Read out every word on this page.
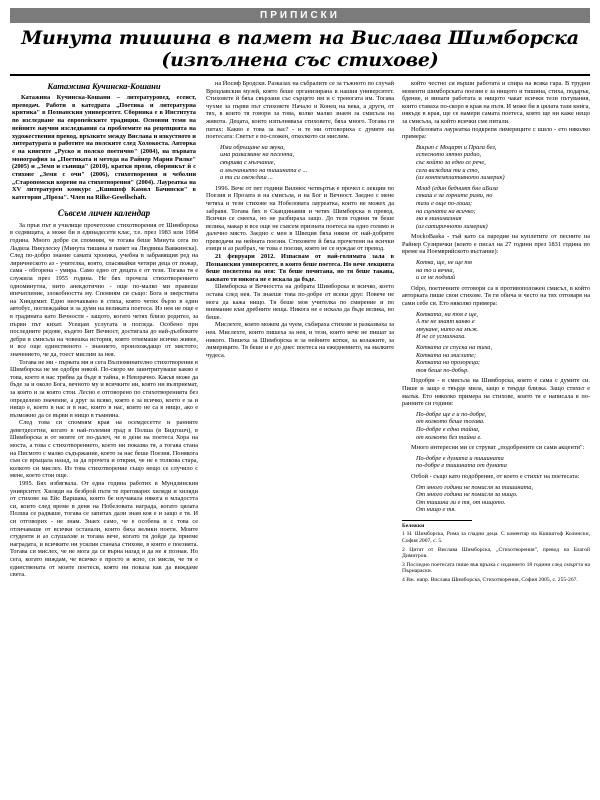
ПРИПИСКИ
Минута тишина в памет на Вислава Шимборска (изпълнена със стихове)
Катажина Кучинска-Кошани

Катажина Кучинска-Кошани – литературовед, есеист, преводач. Работи в катедрата „Поетика и литературна критика" в Познанския университет. Сборника е в Института по изследване на европейските традиции. Основни теми на нейните научни изследвания са проблемите на рецепцията на художествения превод, връзките между Вислава и изкуството и литературата в работите на полските след Холокоста. Авторка е на книгите „Руско и полско поетично" (2004), на първата монография за „Поетиката и метода на Райнер Мария Рилке" (2005) и „Земя и сънища" (2010), кратки прози, сборникът й с стихове „Земя с очи" (2006), стихотворения и чеболни „Старопомски корени на стихотворения" (2004). Лауреатка на XV литературен конкурс „Кшишоф Камил Бачински" в категория „Проза". Член на Rilke-Gesellschaft.

Съвсем личен календар

За пръв път в училище прочетохме стихотворения от Шимборска в седмицата, а може би в единадесети клас, т.е. през 1983 или 1984 година. Много добре си спомням, че тогава беше Минута сега по Ладила Никулеску (Минута тишина в памет на Людвика Вавжинска). След по-добро знание самата хроника, учебна в забравящия ред на лиричнеското аз - учителка, която, спасявайки четири деца от пожар, сама - обгорена - умира. Само едно от децата е от тези. Тогава тя е служила през 1955 година. Не бях прочела стихотворението одноминутна, нито анекдотично - още по-малко ми правеше впечатление, злокобността му. Спомням си също: Бога и зверствата на Хиндемит. Едно неочаквано в стиха, която четях бързо в един автобус, поглеждайки и за думи на великата поетеса. Из нея не още е в градината като Вечности - защото, когато четях близо родител, за първи път кихат. Усещам услугата и погледа. Особено при последните редове, където Бит Вечност, достигала до най-дълбоките дебри в смисъла на човешка история, която отнемаше всичко живее, и все още единственото - знанието, произхождащо от мястото; значението, че да, тоест мислим за нея.

Тогава не ми - първата ми и сега Възпоминателно стихотворение в Шимборска не ме одобри никой. По-скоро ме заинтригуваше какво е това, което в нас трябва да бъде в тайна, в Невзрачно. Какъв може да бъде за и около Бога, вечното му и всичките ни, която ни възприемат, за която и за която стои. Лесно е отговорено по стихотворенията без определено значение, а друг за всяко, която е за всичко, което е за и нищо е, което в нас и в нас, които в нас, които не са в нищо, ако е възможно да се върви в нищо в тъмнина.

След това си спомням края на осемдесетте и ранните деветдесетни, когато в най-големия град в Полша (в Бидгошч), в Шимборска и от моите от по-далеч, че в деня на поетеса Хора на моста, а това с стихотворението, което ни показва тя, а тогава стана на Писмото с малко съдържание, което за нас беше Поезия. Понякога съм се връщала назад, за да прочета и открия, че не е толкова стара, колкото си мислех. Из това стихотворение също нещо се случило с мене, което стои още.

1995. Бях избягвала. От една година работих в Мундзинския униврситет. Хиляди на безброй пъти те преговарях хиляди и хиляди от стихове на Ейс Варшава, които бе изучавала някога в младостта си, които след време в деня на Нобеловата награда, когато цялата Полша се радваше, тогава се запитах дали знам коя е и защо е тя. И си отговорих - не знам. Знаех само, че е особена и с това се отличаваше от всички останали, които бяха велики поети. Моите студенти и аз слушахме и тогава вече, когато тя дойде да приеме наградата, и всичките ни усилия станаха стихове, в които е поезията. Тогава си мислех, че не мога да се върна назад и да не я позная. Но сега, когато виждам, че всичко е просто и ясно, си мисля, че тя е единствената от моите поетеси, която ни показа как да виждаме света.

на Йосиф Бродски. Разказах на събралите се за тъжното по случай Вроцлавския музей, която беше организирана в нашия университет. Стиховете й бяха свързани със сърцето им и с тревогата им. Тогава чухме за първи път стиховете Начало и Конец на века, а други, от тях, в които тя говори за това, колко малко знаем за смисъла на живота. Децата, които изпълняваха стиховете, бяха много. Тогава ги питах: Какво е това за вас? - и те ми отговориха с думите на поетесата: Светът е по-сложен, отколкото си мислим.

Има обръщане на звука,
има разказване на песента,
свършва с мълчание,
а мълчанието на тишината е ...
а ти си свеждаш ...

1996. Вече от пет години Вилнюс четвъртък е прочел с лекции по Поезия и Прозата и на смисъла, и на Бог и Вечност. Заедно с мене четяха и тези стихове на Нобеловата лауреатка, които не можех да забравя. Тогава бях в Скандинавия и четях Шимборска в превод. Всички се смееха, но не разбираха защо. До тези години тя беше велика, макар и все още не съвсем призната поетеса на едно голямо и далечно място. Заедно с мен в Швеция бяха някои от най-добрите преводачи на нейната поезия. Стиховете й бяха прочетени на всички езици и аз разбрах, че това е поезия, която не се нуждае от превод.

21 февруари 2012. Изпасвам от най-голямата зала в Познанския университет, в която беше поетеса. Но вече лекцията беше посветена на нея: Тя беше почитана, но тя беше такава, каквато тя никога не е искала да бъде.

Шимборска и Вечността на добрата Шимборска и всичко, което остава след нея. Тя знаеше това по-добре от всеки друг. Повече не мога да кажа нищо. Тя беше моя учителка по смирение и по внимание към дребните неща. Никога не е искала да бъде велика, но беше.

Мислехте, които можем да чуем, събираха стихове и разказваха за нея. Мислехте, които пишеха за нея, и тези, които вече не пишат за никого. Пишеха за Шимборска и за нейните котки, за колажите, за лимериците. Тя беше и е до днес поетеса на ежедневието, на малките чудеса.

който честно си върши работата и спира на всяка гара. В трудни моменти шимборската поезия е за нищото и тишина, стиха, подарък, бдение, и винаги работата и нищото чакат всички тези пътувания, които ставаха по-скоро в края на пътя. И може би в цялата тази книга, някъде в края, ще се намери самата поетеса, която ще ни каже нещо за смисъла, за който всички сме питали.

Нобеловата лауреатка подкрепя лимериците с шило - ето няколко примера:

Вицът с Моцарт и Прага без,
еспесното лятно радио,
със който за едно се рече,
сега виждаш ти и сто,
(из контемплативното лимерик)
Млад (един бедният бял иБиза
сякаш е за горните рими, но
тази е още по-лоша;
на сцената на всичко;
ма в минималния
(из сатиричното лимерик)

MockoBaska - тъй като са пародия на куплетите от песните на Райнер Сузирички (които е писал на 27 години през 1831 година по време на Ноемврийското въстание):

Котка, ще, не ще тя
на то и вечна,
и се не подмий

Odpo, поетичните отговори са в противоположен смисъл, в който авторката пише свои стихове. Тя ги обича и често на тях отговаря на сами себе си. Ето няколко примера:

Котката, на тоя е ще,
А те не знаят какво е
мяукане, нито на мъж.
И не се усмихнаха.
Котката се спуска на тиха,
Котката на мислите;
Котката на прозореца;
тоя беше по-добър.

Подобри - в смисъла на Шимборска, която е сама с думите си. Пише и защо е твърде мила, защо е твърде близка. Защо стихът е малък. Ето няколко примера на стихове, които тя е написала в по-ранните си години:

По-добре ще е и по-добре,
от колкото беше тогава.
По-добре е една тайна,
от колкото без тайна е.

Много интересни ми се струват „подобрените си сами акценти":

По-добре е думата и тишината
по-добре е тишината от думата

Отбой - също като подобрение, от което е стихът на поетесата:

От много години не помисля за тишината,
От много години не помисля за нищо.
От тишина ли е тя, от нищото.
От нищо е тя.

Бележки

1 Н. Шимборска, Рима за гладни деца. С коментар на Кшиштоф Колински, София 2007, с. 5.

2 Цитат от Вислава Шимборска, „Стихотворения", превод на Благой Димитров.

3 Последно поетесата пише във връзка с изданието 18 години след смъртта на Пърнараски.

4 Вж. напр. Вислава Шимборска, Стихотворения, София 2005, с. 255-267.
